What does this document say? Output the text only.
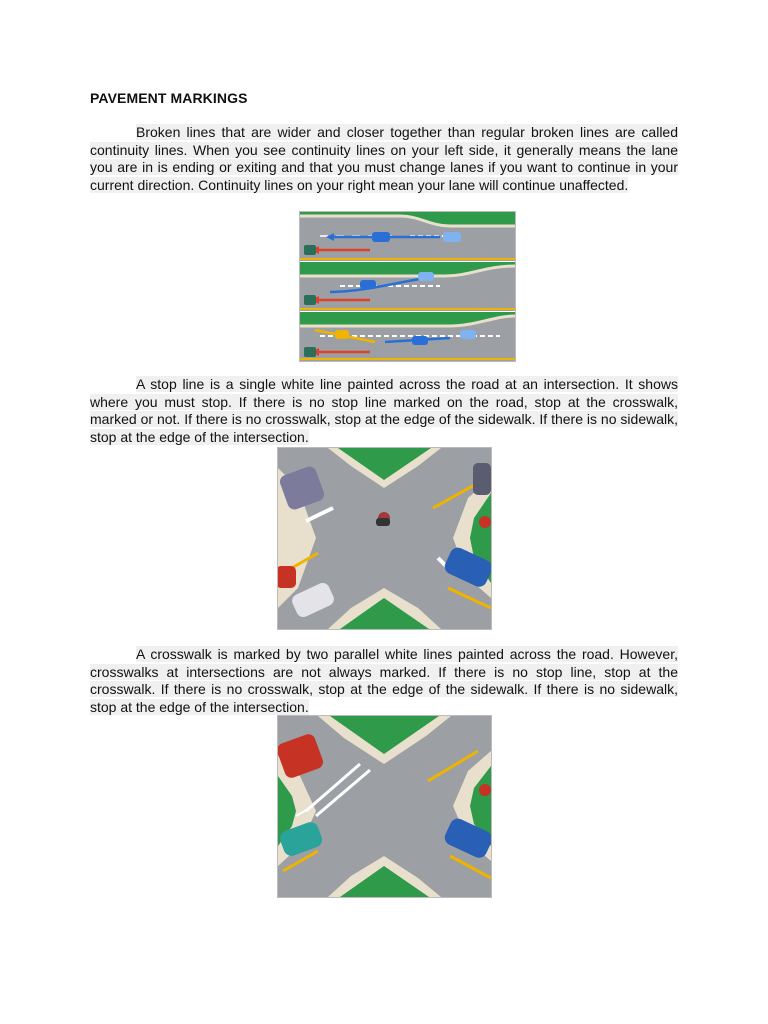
PAVEMENT MARKINGS
Broken lines that are wider and closer together than regular broken lines are called continuity lines. When you see continuity lines on your left side, it generally means the lane you are in is ending or exiting and that you must change lanes if you want to continue in your current direction. Continuity lines on your right mean your lane will continue unaffected.
A stop line is a single white line painted across the road at an intersection. It shows where you must stop. If there is no stop line marked on the road, stop at the crosswalk, marked or not. If there is no crosswalk, stop at the edge of the sidewalk. If there is no sidewalk, stop at the edge of the intersection.
A crosswalk is marked by two parallel white lines painted across the road. However, crosswalks at intersections are not always marked. If there is no stop line, stop at the crosswalk. If there is no crosswalk, stop at the edge of the sidewalk. If there is no sidewalk, stop at the edge of the intersection.
